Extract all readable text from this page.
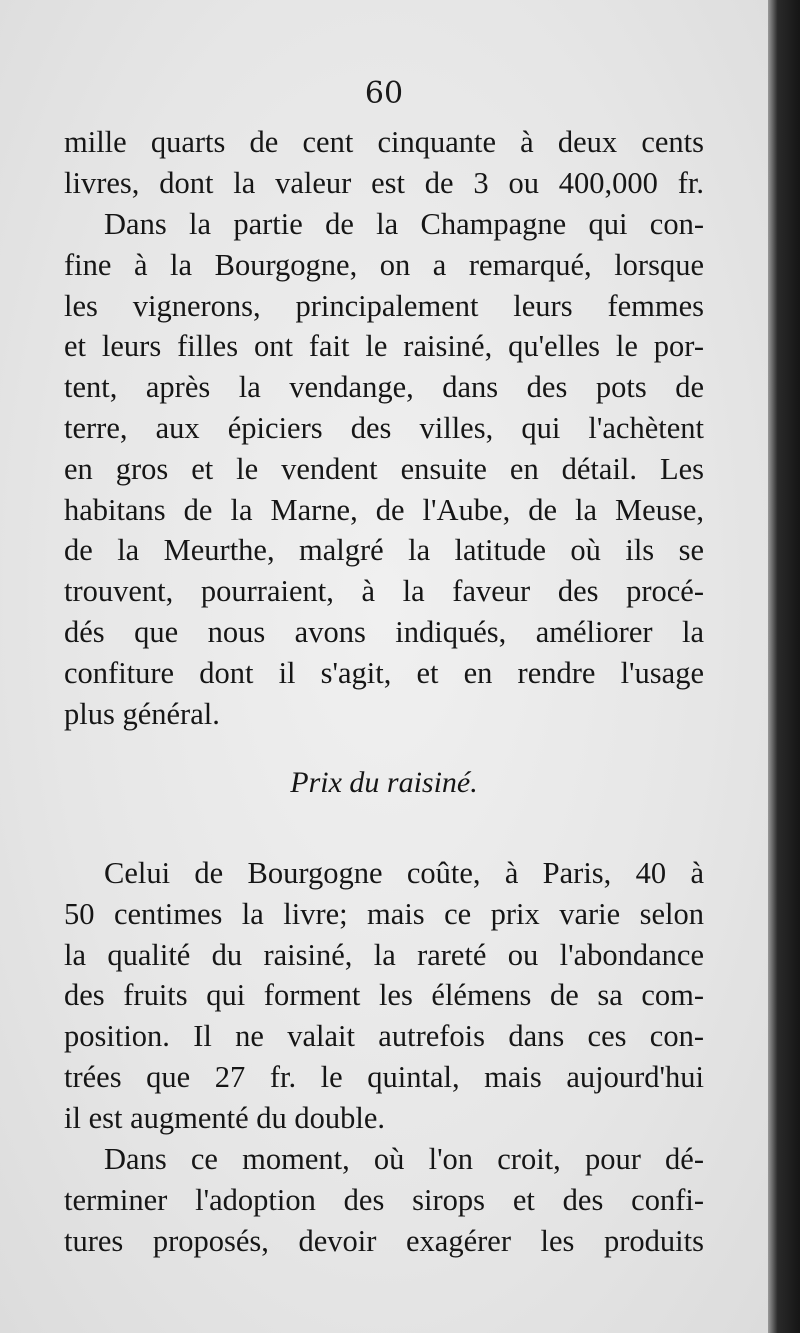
60
mille quarts de cent cinquante à deux cents
livres, dont la valeur est de 3 ou 400,000 fr.
Dans la partie de la Champagne qui con-
fine à la Bourgogne, on a remarqué, lorsque
les vignerons, principalement leurs femmes
et leurs filles ont fait le raisiné, qu'elles le por-
tent, après la vendange, dans des pots de
terre, aux épiciers des villes, qui l'achètent
en gros et le vendent ensuite en détail. Les
habitans de la Marne, de l'Aube, de la Meuse,
de la Meurthe, malgré la latitude où ils se
trouvent, pourraient, à la faveur des procé-
dés que nous avons indiqués, améliorer la
confiture dont il s'agit, et en rendre l'usage
plus général.
Prix du raisiné.
Celui de Bourgogne coûte, à Paris, 40 à
50 centimes la livre; mais ce prix varie selon
la qualité du raisiné, la rareté ou l'abondance
des fruits qui forment les élémens de sa com-
position. Il ne valait autrefois dans ces con-
trées que 27 fr. le quintal, mais aujourd'hui
il est augmenté du double.
Dans ce moment, où l'on croit, pour dé-
terminer l'adoption des sirops et des confi-
tures proposés, devoir exagérer les produits
